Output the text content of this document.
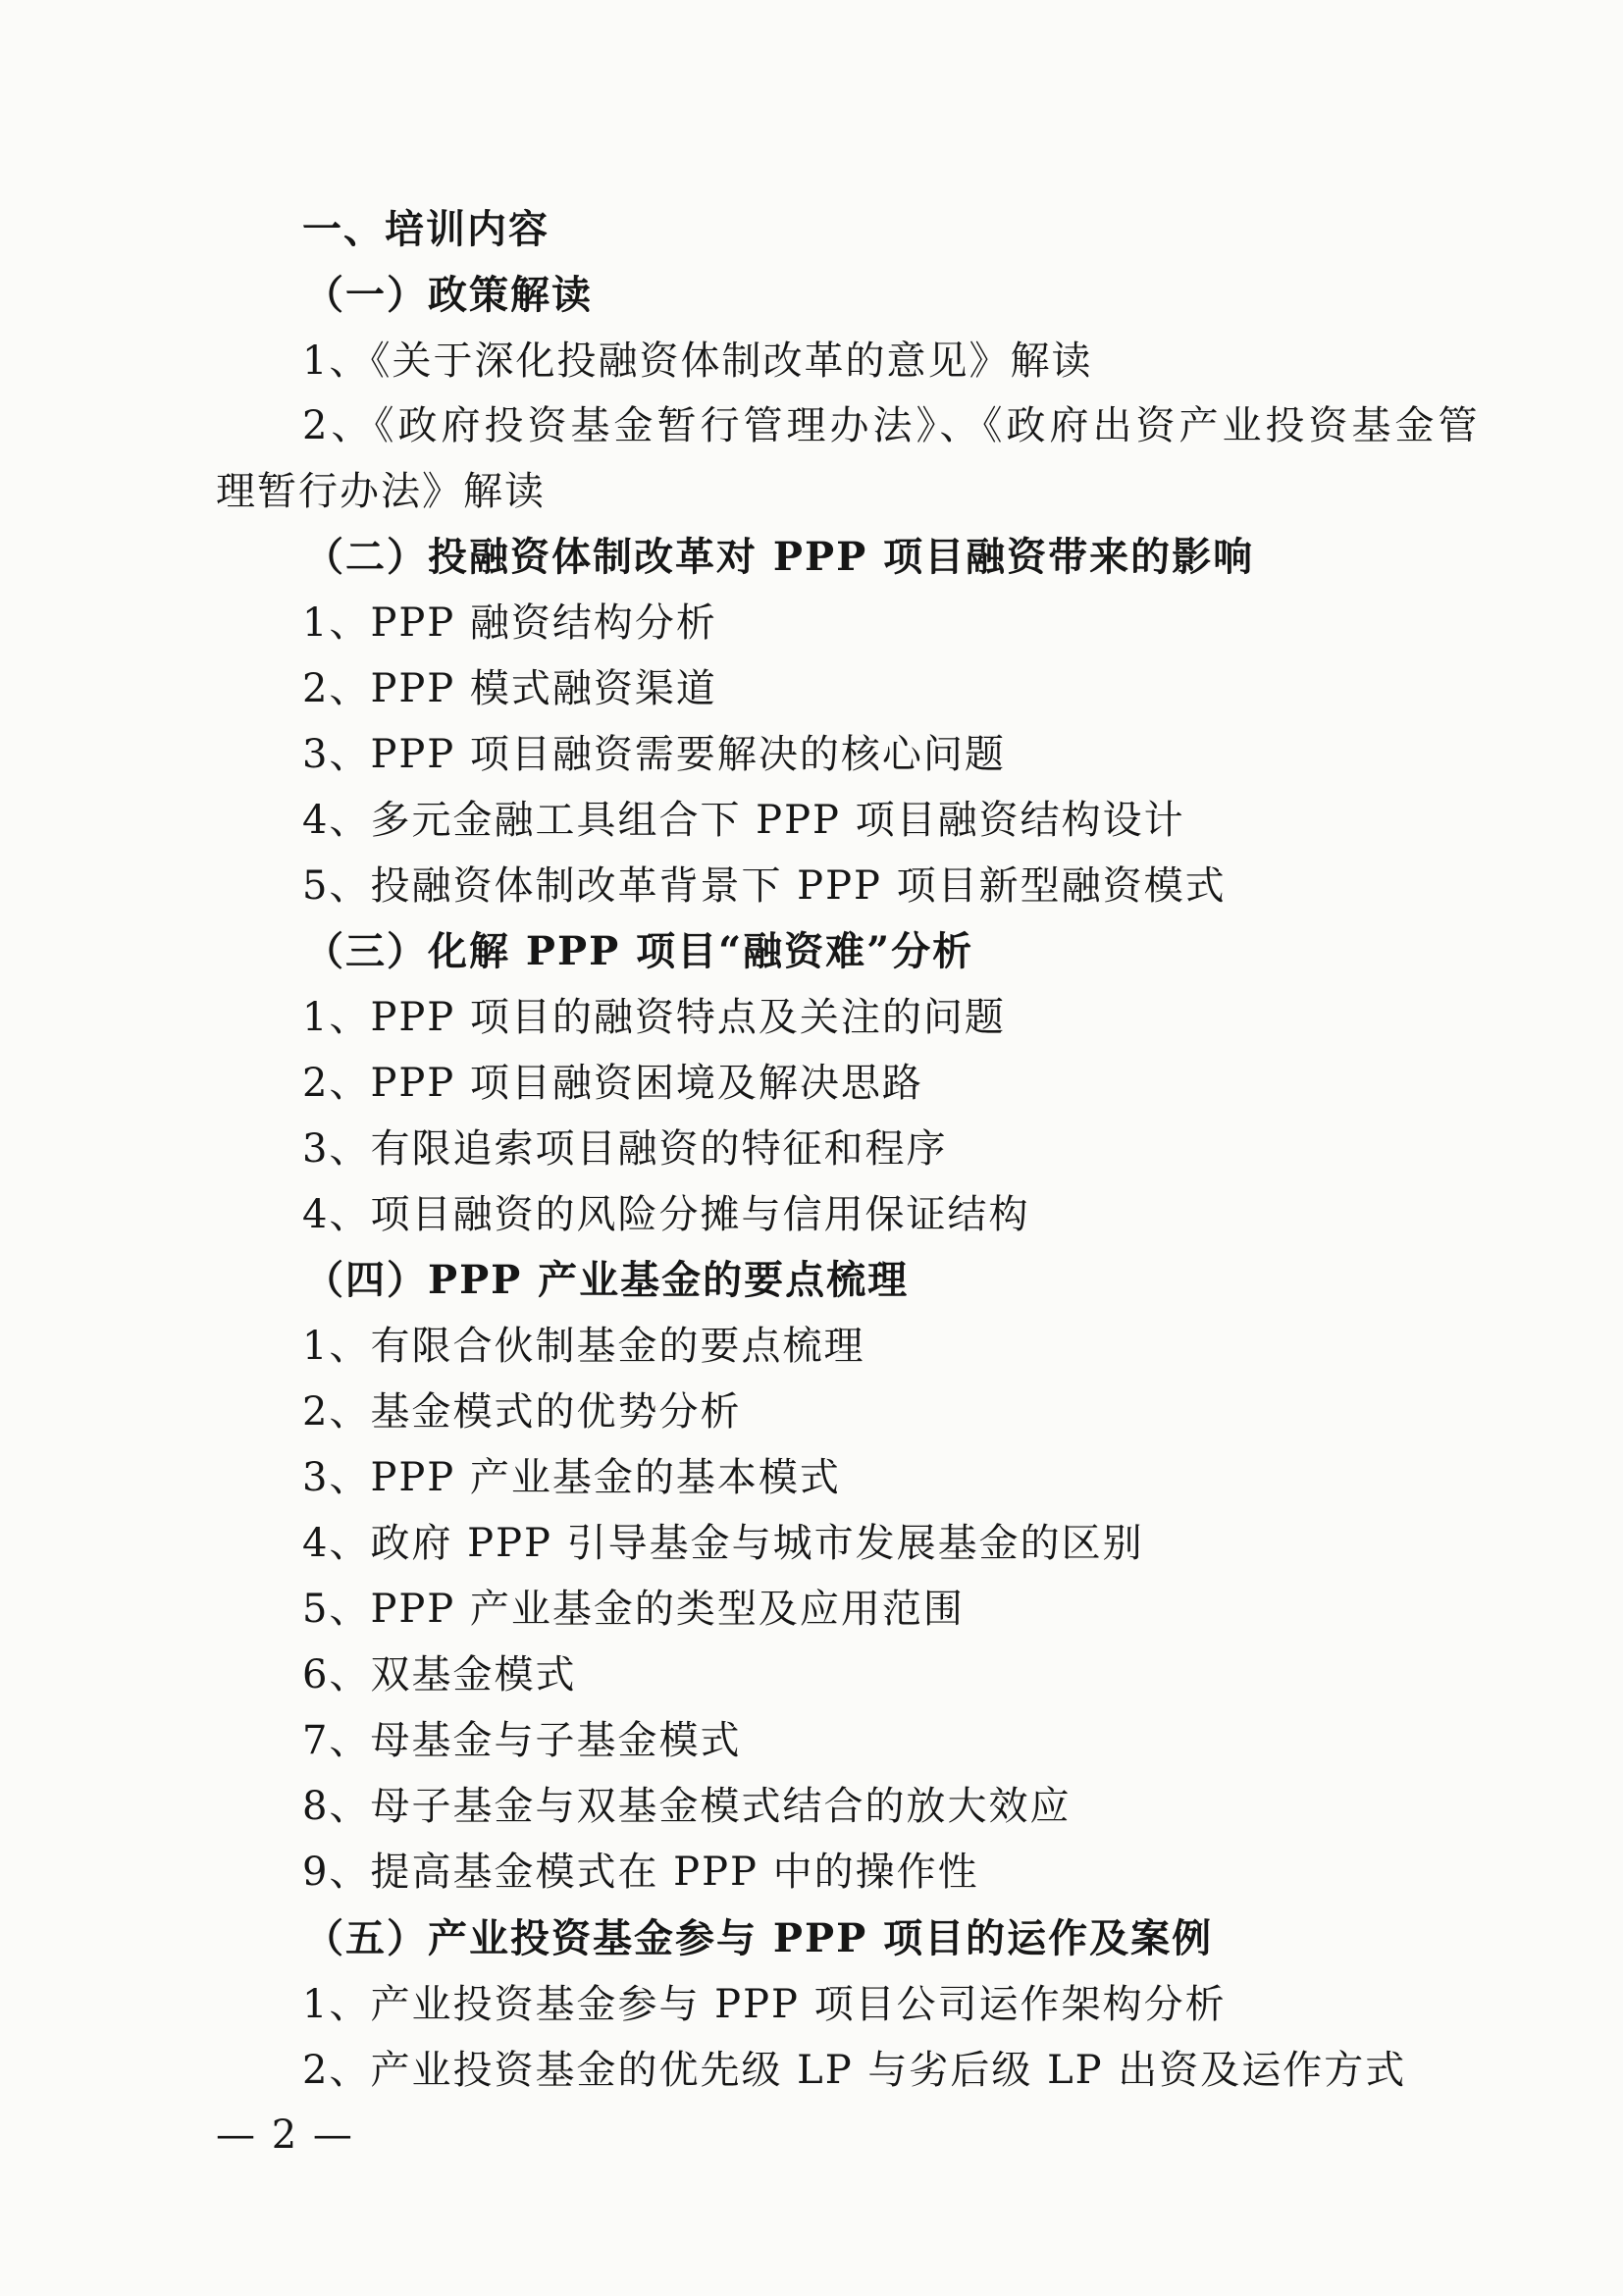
一、培训内容
（一）政策解读
1、《关于深化投融资体制改革的意见》解读
2、《政府投资基金暂行管理办法》、《政府出资产业投资基金管
理暂行办法》解读
（二）投融资体制改革对 PPP 项目融资带来的影响
1、PPP 融资结构分析
2、PPP 模式融资渠道
3、PPP 项目融资需要解决的核心问题
4、多元金融工具组合下 PPP 项目融资结构设计
5、投融资体制改革背景下 PPP 项目新型融资模式
（三）化解 PPP 项目“融资难”分析
1、PPP 项目的融资特点及关注的问题
2、PPP 项目融资困境及解决思路
3、有限追索项目融资的特征和程序
4、项目融资的风险分摊与信用保证结构
（四）PPP 产业基金的要点梳理
1、有限合伙制基金的要点梳理
2、基金模式的优势分析
3、PPP 产业基金的基本模式
4、政府 PPP 引导基金与城市发展基金的区别
5、PPP 产业基金的类型及应用范围
6、双基金模式
7、母基金与子基金模式
8、母子基金与双基金模式结合的放大效应
9、提高基金模式在 PPP 中的操作性
（五）产业投资基金参与 PPP 项目的运作及案例
1、产业投资基金参与 PPP 项目公司运作架构分析
2、产业投资基金的优先级 LP 与劣后级 LP 出资及运作方式
— 2 —
